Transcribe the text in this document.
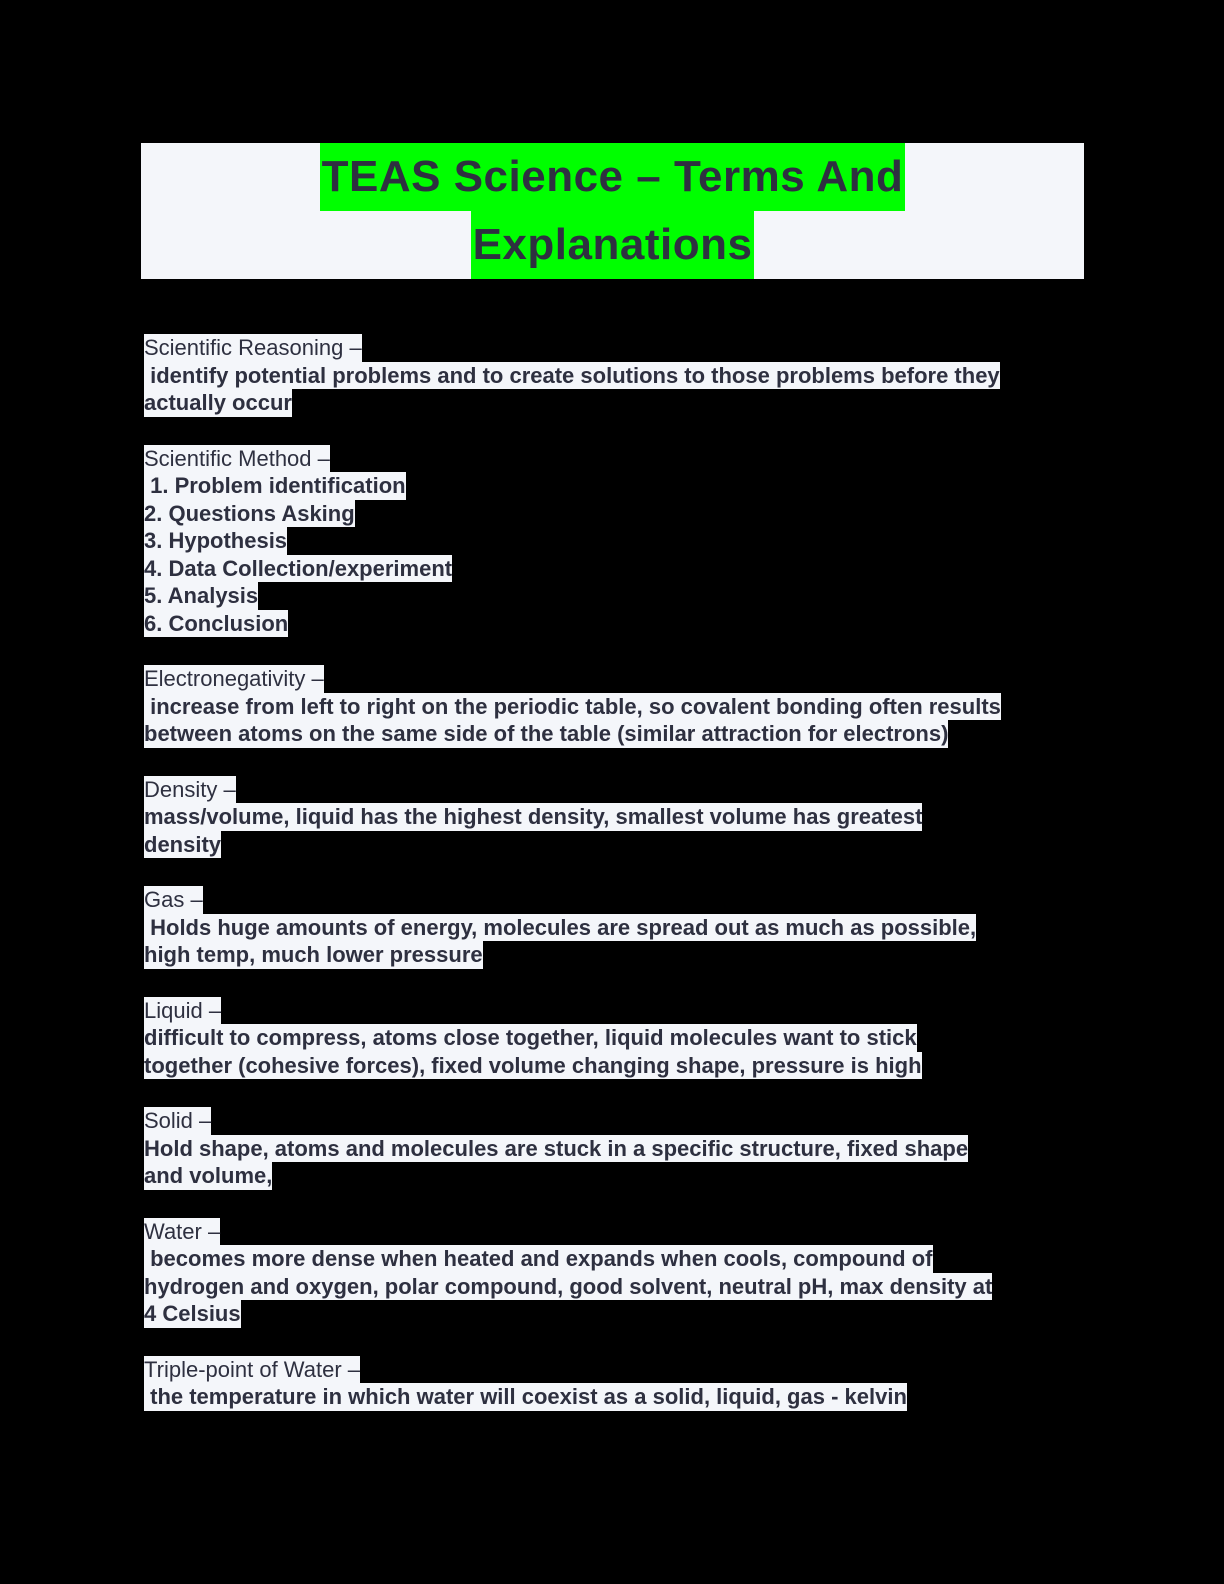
TEAS Science – Terms And
Explanations
Scientific Reasoning –
identify potential problems and to create solutions to those problems before they
actually occur
Scientific Method –
1. Problem identification
2. Questions Asking
3. Hypothesis
4. Data Collection/experiment
5. Analysis
6. Conclusion
Electronegativity –
increase from left to right on the periodic table, so covalent bonding often results
between atoms on the same side of the table (similar attraction for electrons)
Density –
mass/volume, liquid has the highest density, smallest volume has greatest
density
Gas –
Holds huge amounts of energy, molecules are spread out as much as possible,
high temp, much lower pressure
Liquid –
difficult to compress, atoms close together, liquid molecules want to stick
together (cohesive forces), fixed volume changing shape, pressure is high
Solid –
Hold shape, atoms and molecules are stuck in a specific structure, fixed shape
and volume,
Water –
becomes more dense when heated and expands when cools, compound of
hydrogen and oxygen, polar compound, good solvent, neutral pH, max density at
4 Celsius
Triple-point of Water –
the temperature in which water will coexist as a solid, liquid, gas - kelvin
